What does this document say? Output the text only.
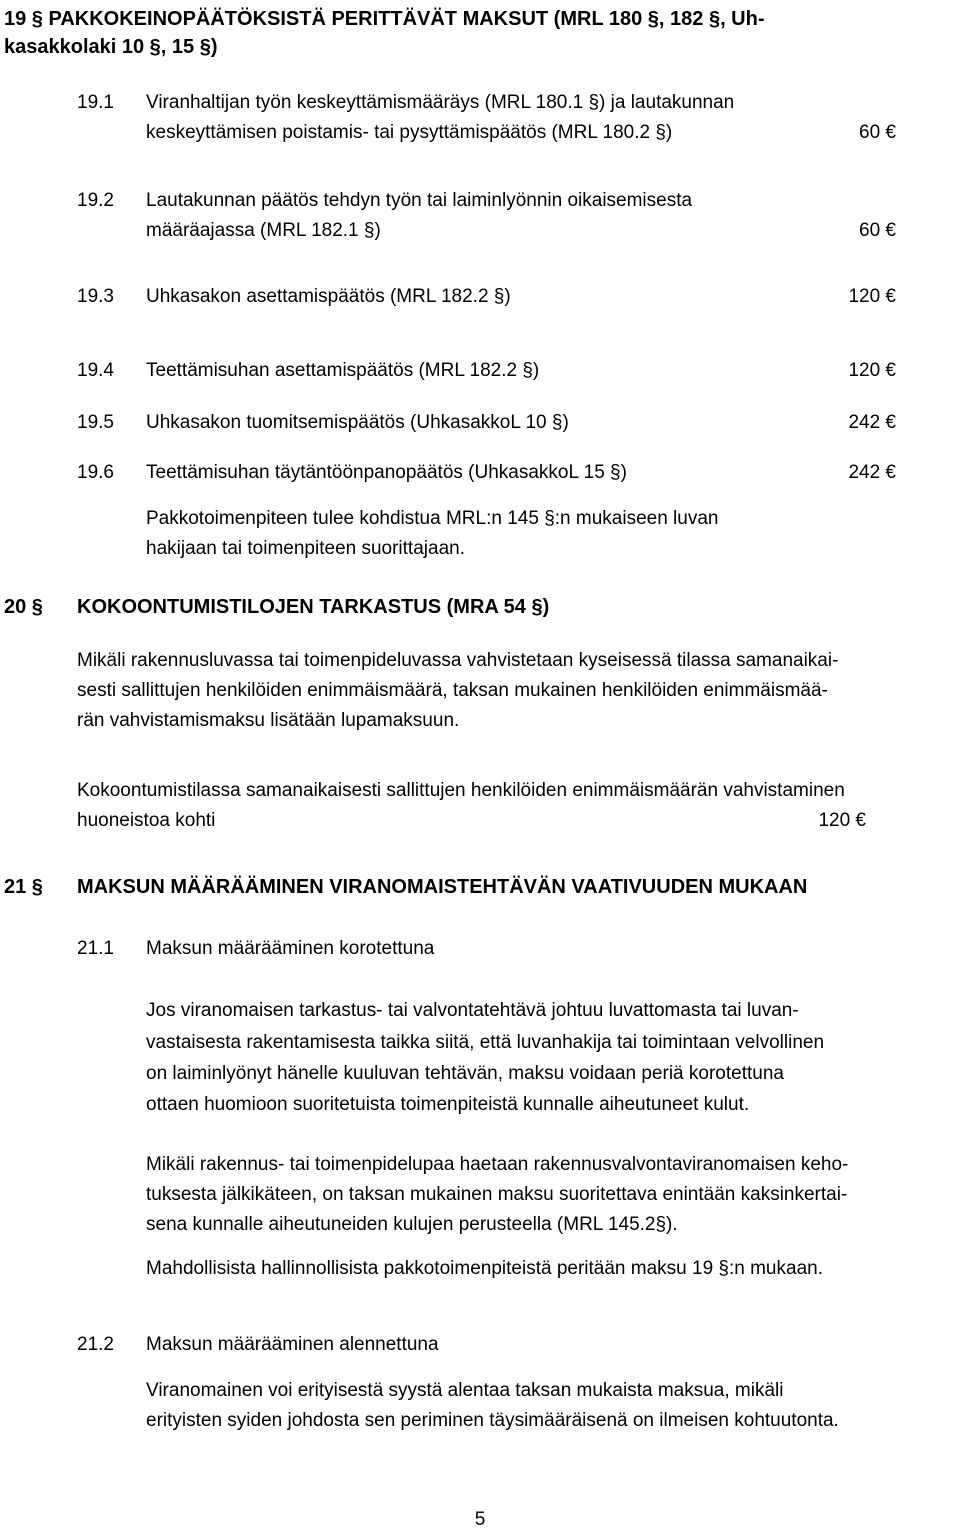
19 § PAKKOKEINOPÄÄTÖKSISTÄ PERITTÄVÄT MAKSUT (MRL 180 §, 182 §, Uh-
kasakkolaki 10 §, 15 §)
19.1 Viranhaltijan työn keskeyttämismääräys (MRL 180.1 §) ja lautakunnan
keskeyttämisen poistamis- tai pysyttämispäätös (MRL 180.2 §)	60 €
19.2 Lautakunnan päätös tehdyn työn tai laiminlyönnin oikaisemisesta
määräajassa (MRL 182.1 §)	60 €
19.3 Uhkasakon asettamispäätös (MRL 182.2 §)	120 €
19.4 Teettämisuhan asettamispäätös (MRL 182.2 §)	120 €
19.5 Uhkasakon tuomitsemispäätös (UhkasakkoL 10 §)	242 €
19.6 Teettämisuhan täytäntöönpanopäätös (UhkasakkoL 15 §)	242 €
Pakkotoimenpiteen tulee kohdistua MRL:n 145 §:n mukaiseen luvan
hakijaan tai toimenpiteen suorittajaan.
20 § KOKOONTUMISTILOJEN TARKASTUS (MRA 54 §)
Mikäli rakennusluvassa tai toimenpideluvassa vahvistetaan kyseisessä tilassa samanaikai-
sesti sallittujen henkilöiden enimmäismäärä, taksan mukainen henkilöiden enimmäismää-
rän vahvistamismaksu lisätään lupamaksuun.
Kokoontumistilassa samanaikaisesti sallittujen henkilöiden enimmäismäärän vahvistaminen
huoneistoa kohti	120 €
21 § MAKSUN MÄÄRÄÄMINEN VIRANOMAISTEHTÄVÄN VAATIVUUDEN MUKAAN
21.1 Maksun määrääminen korotettuna
Jos viranomaisen tarkastus- tai valvontatehtävä johtuu luvattomasta tai luvan-
vastaisesta rakentamisesta taikka siitä, että luvanhakija tai toimintaan velvollinen
on laiminlyönyt hänelle kuuluvan tehtävän, maksu voidaan periä korotettuna
ottaen huomioon suoritetuista toimenpiteistä kunnalle aiheutuneet kulut.
Mikäli rakennus- tai toimenpidelupaa haetaan rakennusvalvontaviranomaisen keho-
tuksesta jälkikäteen, on taksan mukainen maksu suoritettava enintään kaksinkertai-
sena kunnalle aiheutuneiden kulujen perusteella (MRL 145.2§).
Mahdollisista hallinnollisista pakkotoimenpiteistä peritään maksu 19 §:n mukaan.
21.2 Maksun määrääminen alennettuna
Viranomainen voi erityisestä syystä alentaa taksan mukaista maksua, mikäli
erityisten syiden johdosta sen periminen täysimääräisenä on ilmeisen kohtuutonta.
5
